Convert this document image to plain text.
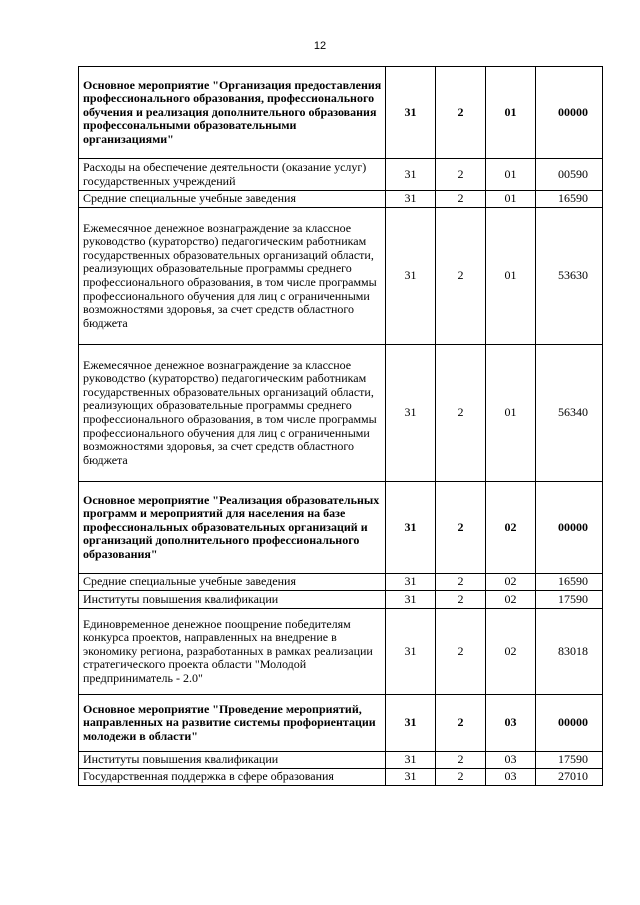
12
Основное мероприятие "Организация предоставления профессионального образования, профессионального обучения и реализация дополнительного образования профессональными образовательными организациями"	31	2	01	00000
Расходы на обеспечение деятельности (оказание услуг) государственных учреждений	31	2	01	00590
Средние специальные учебные заведения	31	2	01	16590
Ежемесячное денежное вознаграждение за классное руководство (кураторство) педагогическим работникам государственных образовательных организаций области, реализующих образовательные программы среднего профессионального образования, в том числе программы профессионального обучения для лиц с ограниченными возможностями здоровья, за счет средств областного бюджета	31	2	01	53630
Ежемесячное денежное вознаграждение за классное руководство (кураторство) педагогическим работникам государственных образовательных организаций области, реализующих образовательные программы среднего профессионального образования, в том числе программы профессионального обучения для лиц с ограниченными возможностями здоровья, за счет средств областного бюджета	31	2	01	56340
Основное мероприятие "Реализация образовательных программ и мероприятий для населения на базе профессиональных образовательных организаций и организаций дополнительного профессионального образования"	31	2	02	00000
Средние специальные учебные заведения	31	2	02	16590
Институты повышения квалификации	31	2	02	17590
Единовременное денежное поощрение победителям конкурса проектов, направленных на внедрение в экономику региона, разработанных в рамках реализации стратегического проекта области "Молодой предприниматель - 2.0"	31	2	02	83018
Основное мероприятие "Проведение мероприятий, направленных на развитие системы профориентации молодежи в области"	31	2	03	00000
Институты повышения квалификации	31	2	03	17590
Государственная поддержка в сфере образования	31	2	03	27010
